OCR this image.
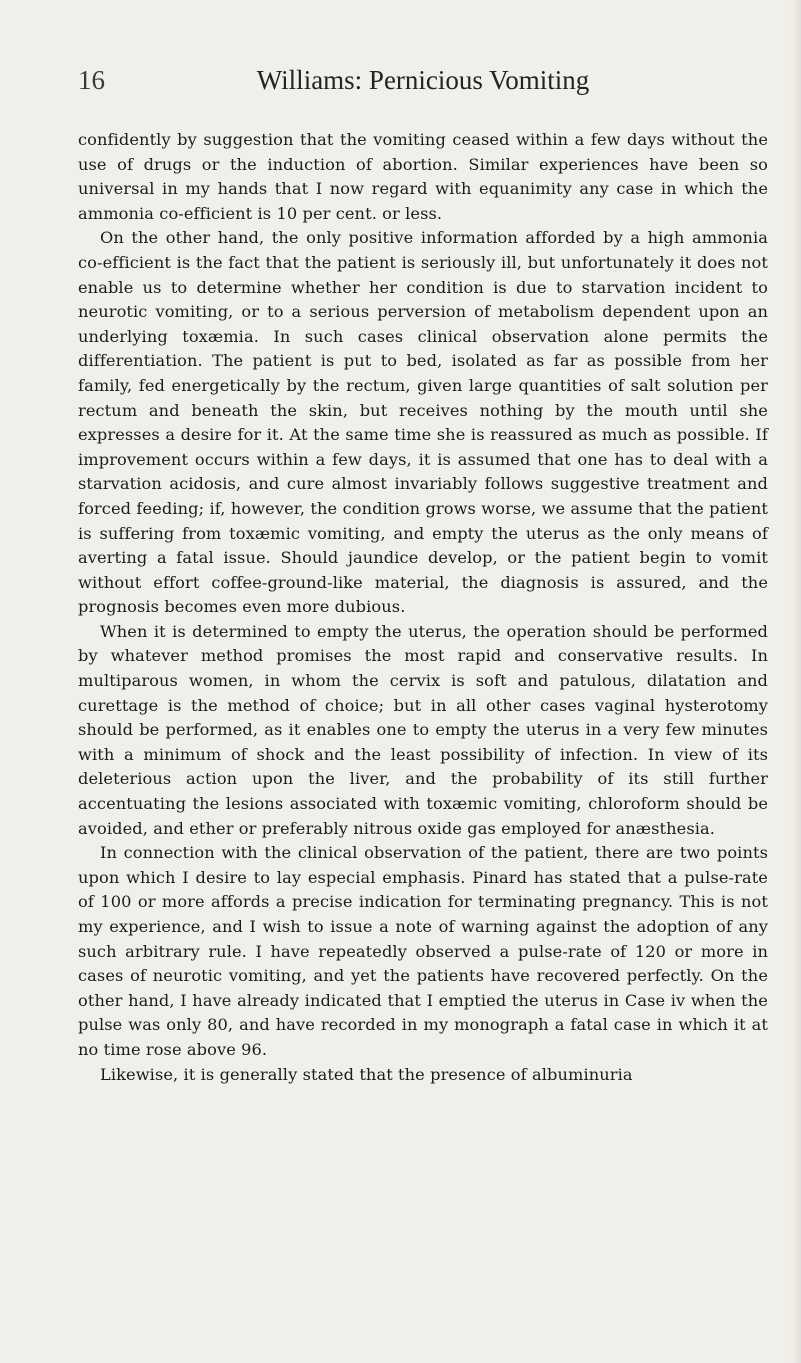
16	Williams: Pernicious Vomiting

confidently by suggestion that the vomiting ceased within a few days without the use of drugs or the induction of abortion. Similar experiences have been so universal in my hands that I now regard with equanimity any case in which the ammonia co-efficient is 10 per cent. or less.

On the other hand, the only positive information afforded by a high ammonia co-efficient is the fact that the patient is seriously ill, but unfortunately it does not enable us to determine whether her condition is due to starvation incident to neurotic vomiting, or to a serious perversion of metabolism dependent upon an underlying toxæmia. In such cases clinical observation alone permits the differentiation. The patient is put to bed, isolated as far as possible from her family, fed energetically by the rectum, given large quantities of salt solution per rectum and beneath the skin, but receives nothing by the mouth until she expresses a desire for it. At the same time she is reassured as much as possible. If improvement occurs within a few days, it is assumed that one has to deal with a starvation acidosis, and cure almost invariably follows suggestive treatment and forced feeding; if, however, the condition grows worse, we assume that the patient is suffering from toxæmic vomiting, and empty the uterus as the only means of averting a fatal issue. Should jaundice develop, or the patient begin to vomit without effort coffee-ground-like material, the diagnosis is assured, and the prognosis becomes even more dubious.

When it is determined to empty the uterus, the operation should be performed by whatever method promises the most rapid and conservative results. In multiparous women, in whom the cervix is soft and patulous, dilatation and curettage is the method of choice; but in all other cases vaginal hysterotomy should be performed, as it enables one to empty the uterus in a very few minutes with a minimum of shock and the least possibility of infection. In view of its deleterious action upon the liver, and the probability of its still further accentuating the lesions associated with toxæmic vomiting, chloroform should be avoided, and ether or preferably nitrous oxide gas employed for anæsthesia.

In connection with the clinical observation of the patient, there are two points upon which I desire to lay especial emphasis. Pinard has stated that a pulse-rate of 100 or more affords a precise indication for terminating pregnancy. This is not my experience, and I wish to issue a note of warning against the adoption of any such arbitrary rule. I have repeatedly observed a pulse-rate of 120 or more in cases of neurotic vomiting, and yet the patients have recovered perfectly. On the other hand, I have already indicated that I emptied the uterus in Case iv when the pulse was only 80, and have recorded in my monograph a fatal case in which it at no time rose above 96.

Likewise, it is generally stated that the presence of albuminuria
